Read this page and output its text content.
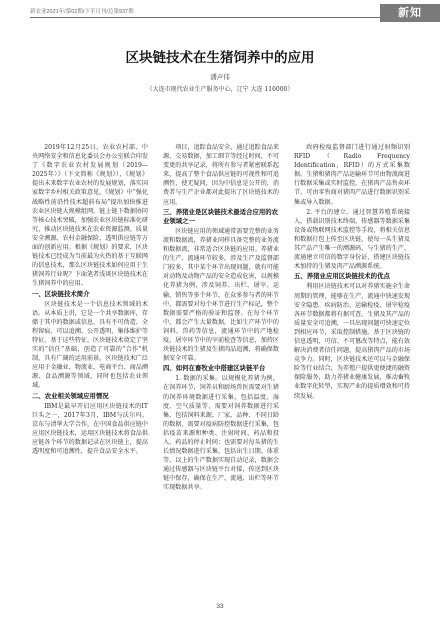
新农业2021年/第02期/下半月刊/总第937期	新知
区块链技术在生猪饲养中的应用
潘声伟
（大连市现代农业生产服务中心，辽宁 大连 116000）

2019年12月25日，农业农村部、中央网络安全和信息化委员会办公室联合印发了《数字农业农村发展规划（2019—2025年）》（下文简称《规划》），《规划》提出未来数字农业农村的发展规划，落实国家数字乡村相关政策意见，《规划》中“强化战略性前沿性技术超前布局”提出加快推进农业区块链大规模组网、链上链下数据协同等核心技术突破，加强农业区块链标准化研究，推动区块链技术在农业资源监测、质量安全溯源、农村金融保险、透明供应链等方面的创新应用。根据《规划》的要求，区块链技术已经成为当前最为火热的基于互联网的信息技术，那么区块链技术如何应用于生猪饲养行业呢？下面笔者浅谈区块链技术在生猪饲养中的应用。

一、区块链技术简介

区块链技术是一个信息技术领域的术语。从本质上讲，它是一个共享数据库，存储于其中的数据或信息，具有不可伪造、全程留痕、可以追溯、公开透明、集体维护等特征。基于这些特征，区块链技术奠定了坚实的“信任”基础，创造了可靠的“合作”机制，具有广阔的运用前景。区块链技术广泛应用于金融业、物流业、电商平台、商品溯源、食品溯源等领域，同时也包括农业领域。

二、农业相关领域应用情况

IBM是最早开启应用区块链技术的IT巨头之一，2017年3月，IBM与沃尔玛、京东与清华大学合作，在中国食品供应链中应用区块链技术，运用区块链技术将食品供应链各个环节的数据记录在区块链上，提高透明度和可追溯性，提升食品安全水平。

项目，追踪食品安全，通过追踪食品来源，交易数据，加工细节等经过时间，不可变更的共享记录，将所有参与者紧密联系起来，提高了整个食品供应链的可视性和可追溯性，使无疑问，因为中信息是公开的，消费者与生产企业都对此提出了区块链技术的应用。

三、养猪业是区块链技术最适合应用的农业领域之一

区块链应用的领域通常需要完整的业务流和数据流，养猪业同样具备完整的业务流和数据流，非常适合区块链的应用。养猪业的生产、流通环节较多，涉及生产及监督部门较多，其中某个环节出现问题，就有可能对动物及动物产品的安全造成危害，以规模化养猪为例，涉及饲养、出栏、屠宰、运输、销售等多个环节，在众多参与者的环节中，都需要对每个环节进行生产标记，整个数据需要严格的验证和监督。在每个环节中，都会产生大量数据，比如生产环节中的饲料、兽药等信息，流通环节中的产地检疫，屠宰环节中的宰前检查等信息，加持区块链技术的生猪及生猪肉品追溯，将确保数据安全可靠。

四、如何在畜牧业中搭建区块链平台

1. 数据的采集。以规模化养猪为例，在饲养环节，饲养员和厨场兽医需要对生猪的饲养环境数据进行采集，包括温度、湿度、空气质量等，需要对饲养数据进行采集，包括饲料来源、厂家、品种、不同日龄的数据，需要对疫病防控数据进行采集，包括疫苗来源和种类、注射时间、药品和投入，药品的停止时间；也需要对每头猪的生长情况数据进行采集，包括出生日期、体重等，以上的生产数据实现自动记录，数据会通过传感器与区块链平台对接，传送到区块链中保存，确保在生产、流通、出栏等环节实现数据共享。

政府检疫监督部门进行通过射频识别RFID（Radio Frequency Identification，RFID）的方式采集数据。生猪和猪肉产品运输环节可由物流商进行数据采集或实时监控，在猪肉产品售卖环节，可由零售商对猪肉产品进行数据识别采集或导入数据。

2. 平台的建立。通过智慧养殖系统接入，搭载识别技术终端、传感器等数据采集设备或物联网技术监控等手段，将相关信息和数据打包上传至区块链，使每一头生猪及其产品产生唯一的溯源码，与生猪的生产、流通建立可信的数字身份证，搭建区块链技术加持的生猪及肉产品溯源系统。

五、养猪业应用区块链技术的优点

利用区块链技术可以对养猪实施全生命周期的管理，能够在生产、流通中快速发现安全隐患。疾病防治、运输检疫、屠宰检疫各环节数据都将有据可查，生猪及其产品的质量安全可追溯，一旦出现问题可快速定位到相应环节，采取控制措施。基于区块链的信息透明、可信、不可篡改等特点，能有效解决消费者信任问题，提高猪肉产品的市场竞争力。同时，区块链技术还可以与金融保险等行业结合，为养殖户提供更便捷的融资保险服务，助力养猪业健康发展，推动畜牧业数字化转型，实现产业的提质增效和可持续发展。

33
